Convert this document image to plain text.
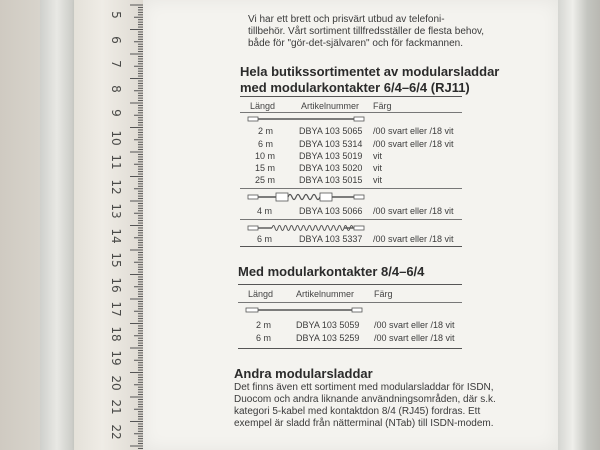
5
6
7
8
9
10
11
12
13
14
15
16
17
18
19
20
21
22
Vi har ett brett och prisvärt utbud av telefoni-
tillbehör. Vårt sortiment tillfredsställer de flesta behov,
både för "gör-det-självaren" och för fackmannen.
Hela butikssortimentet av modularsladdar
med modularkontakter 6/4–6/4 (RJ11)
Längd	Artikelnummer Färg
2 m	DBYA 103 5065 /00 svart eller /18 vit
6 m	DBYA 103 5314 /00 svart eller /18 vit
10 m	DBYA 103 5019 vit
15 m	DBYA 103 5020 vit
25 m	DBYA 103 5015 vit
4 m	DBYA 103 5066 /00 svart eller /18 vit
6 m	DBYA 103 5337 /00 svart eller /18 vit
Med modularkontakter 8/4–6/4
Längd	Artikelnummer Färg
2 m	DBYA 103 5059 /00 svart eller /18 vit
6 m	DBYA 103 5259 /00 svart eller /18 vit
Andra modularsladdar
Det finns även ett sortiment med modularsladdar för ISDN,
Duocom och andra liknande användningsområden, där s.k.
kategori 5-kabel med kontaktdon 8/4 (RJ45) fordras. Ett
exempel är sladd från nätterminal (NTab) till ISDN-modem.
